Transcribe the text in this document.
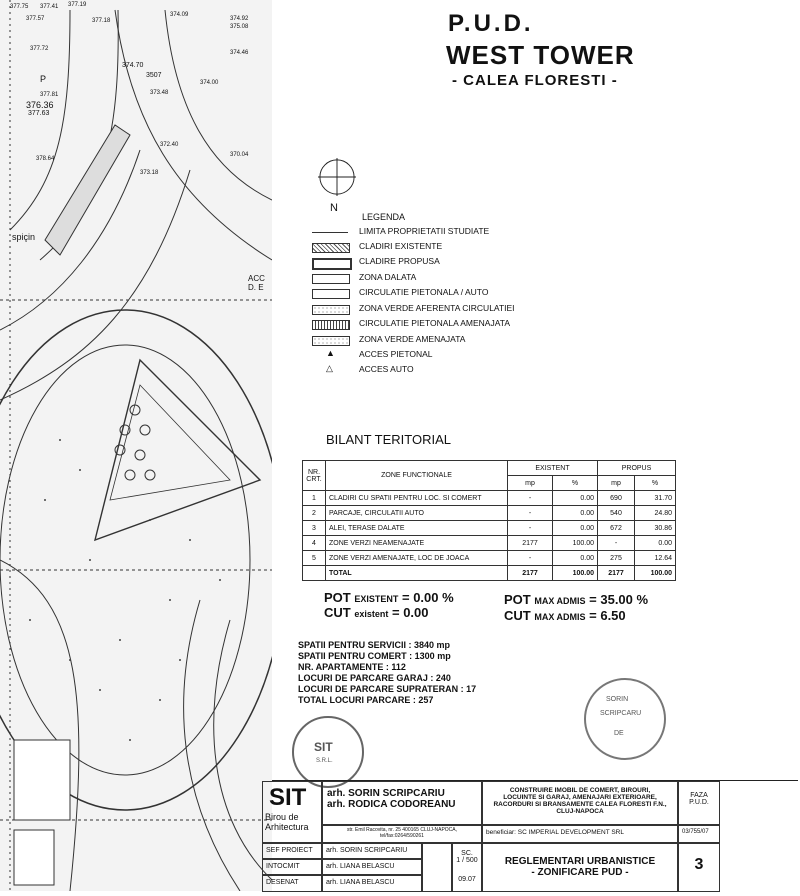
P
377.75 377.41 377.19
377.57	377.18
374.09
374.92
375.08
377.72
374.46
374.70
3507
373.48
374.00
377.81
376.36
377.63
372.40
378.64
373.18
370.04
spiçin
ACC D. E
P.U.D.
WEST TOWER
- CALEA FLORESTI -
N
LEGENDA
LIMITA PROPRIETATII STUDIATE
CLADIRI EXISTENTE
CLADIRE PROPUSA
ZONA DALATA
CIRCULATIE PIETONALA / AUTO
ZONA VERDE AFERENTA CIRCULATIEI
CIRCULATIE PIETONALA AMENAJATA
ZONA VERDE AMENAJATA
▲	ACCES PIETONAL
△	ACCES AUTO
BILANT TERITORIAL
NR. CRT.	ZONE FUNCTIONALE	EXISTENT		PROPUS	
		mp	%	mp	%
1	CLADIRI CU SPATII PENTRU LOC. SI COMERT	-	0.00	690	31.70
2	PARCAJE, CIRCULATII AUTO	-	0.00	540	24.80
3	ALEI, TERASE DALATE	-	0.00	672	30.86
4	ZONE VERZI NEAMENAJATE	2177	100.00	-	0.00
5	ZONE VERZI AMENAJATE, LOC DE JOACA	-	0.00	275	12.64
	TOTAL	2177	100.00	2177	100.00
POT EXISTENT = 0.00 %
CUT existent = 0.00
POT MAX ADMIS = 35.00 %
CUT MAX ADMIS = 6.50
SPATII PENTRU SERVICII : 3840 mp
SPATII PENTRU COMERT : 1300 mp
NR. APARTAMENTE : 112
LOCURI DE PARCARE GARAJ : 240
LOCURI DE PARCARE SUPRATERAN : 17
TOTAL LOCURI PARCARE : 257	SORIN
SCRIPCARU
DE
SIT
S.R.L.
SIT
Birou de Arhitectura
arh. SORIN SCRIPCARIU
arh. RODICA CODOREANU
str. Emil Racovita, nr. 25 400165 CLUJ-NAPOCA, tel/fax:0264/590261
CONSTRUIRE IMOBIL DE COMERT, BIROURI, LOCUINTE SI GARAJ, AMENAJARI EXTERIOARE, RACORDURI SI BRANSAMENTE CALEA FLORESTI F.N., CLUJ-NAPOCA
beneficiar: SC IMPERIAL DEVELOPMENT SRL
FAZA
P.U.D.
03/755/07
SEF PROIECT	arh. SORIN SCRIPCARIU
INTOCMIT	arh. LIANA BELASCU
DESENAT	arh. LIANA BELASCU
SC.
1 / 500
09.07
REGLEMENTARI URBANISTICE
- ZONIFICARE PUD -	3
